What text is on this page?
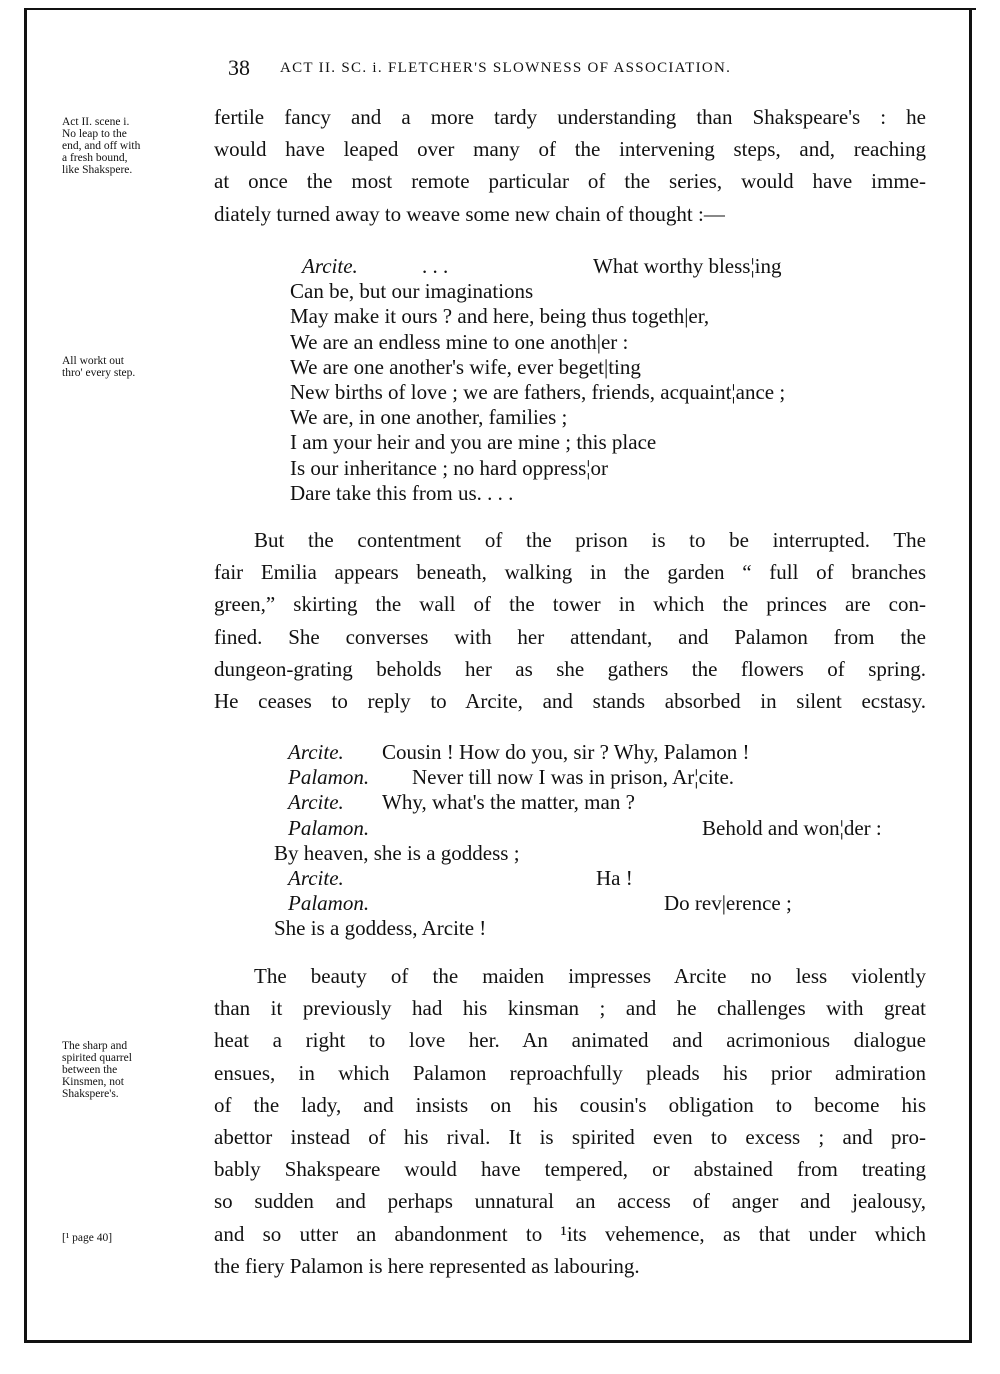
38 ACT II. SC. i. FLETCHER'S SLOWNESS OF ASSOCIATION.
Act II. scene i.
No leap to the
end, and off with
a fresh bound,
like Shakspere.
All workt out
thro' every step.
The sharp and
spirited quarrel
between the
Kinsmen, not
Shakspere's.
[¹ page 40]
fertile fancy and a more tardy understanding than Shakspeare's : he
would have leaped over many of the intervening steps, and, reaching
at once the most remote particular of the series, would have imme-
diately turned away to weave some new chain of thought :—
Arcite.	. . .	What worthy bless¦ing
Can be, but our imaginations
May make it ours ? and here, being thus togeth|er,
We are an endless mine to one anoth|er :
We are one another's wife, ever beget|ting
New births of love ; we are fathers, friends, acquaint¦ance ;
We are, in one another, families ;
I am your heir and you are mine ; this place
Is our inheritance ; no hard oppress¦or
Dare take this from us. . . .
But the contentment of the prison is to be interrupted. The
fair Emilia appears beneath, walking in the garden “ full of branches
green,” skirting the wall of the tower in which the princes are con-
fined. She converses with her attendant, and Palamon from the
dungeon-grating beholds her as she gathers the flowers of spring.
He ceases to reply to Arcite, and stands absorbed in silent ecstasy.
Arcite. Cousin ! How do you, sir ? Why, Palamon !
Palamon. Never till now I was in prison, Ar¦cite.
Arcite. Why, what's the matter, man ?
Palamon.	Behold and won¦der :
By heaven, she is a goddess ;
Arcite.	Ha !
Palamon.	Do rev|erence ;
She is a goddess, Arcite !
The beauty of the maiden impresses Arcite no less violently
than it previously had his kinsman ; and he challenges with great
heat a right to love her. An animated and acrimonious dialogue
ensues, in which Palamon reproachfully pleads his prior admiration
of the lady, and insists on his cousin's obligation to become his
abettor instead of his rival. It is spirited even to excess ; and pro-
bably Shakspeare would have tempered, or abstained from treating
so sudden and perhaps unnatural an access of anger and jealousy,
and so utter an abandonment to ¹its vehemence, as that under which
the fiery Palamon is here represented as labouring.
